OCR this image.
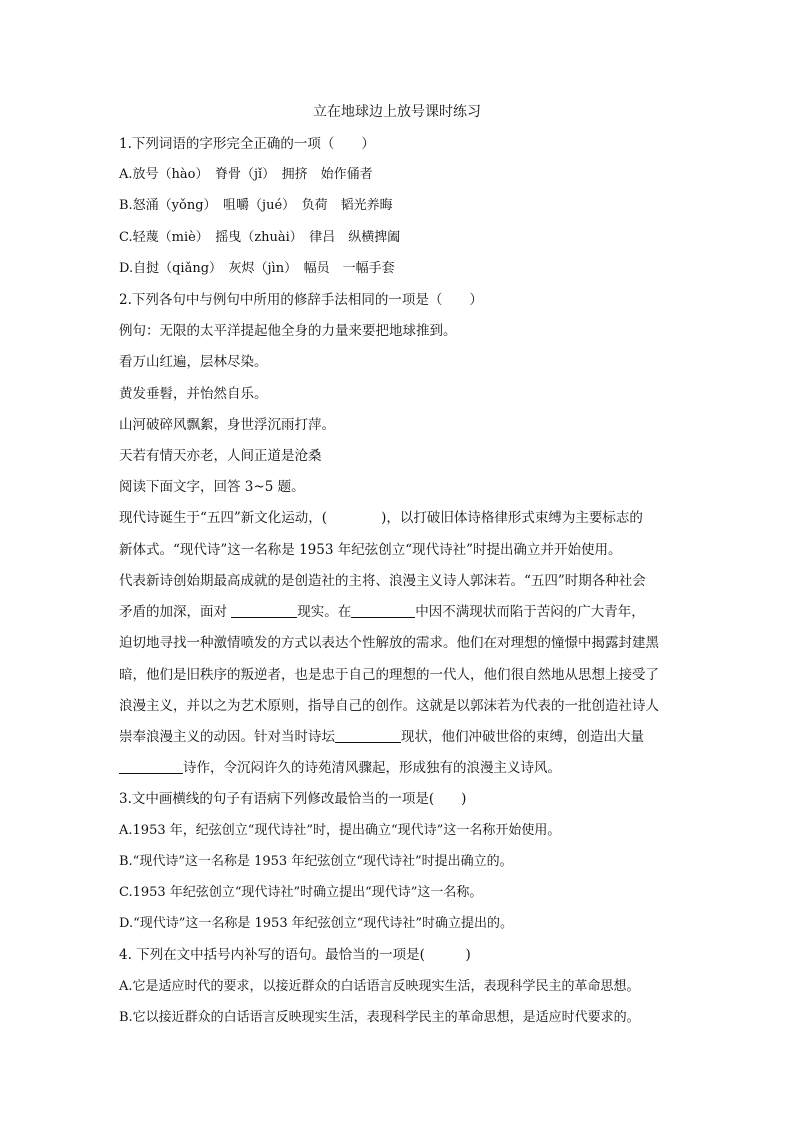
立在地球边上放号课时练习
1.下列词语的字形完全正确的一项（　　）
A.放号（hào）　脊骨（jǐ）　拥挤　始作俑者
B.怒涌（yǒng）　咀嚼（jué）　负荷　韬光养晦
C.轻蔑（miè）　摇曳（zhuài）　律吕　纵横捭阖
D.自挝（qiǎng）　灰烬（jìn）　幅员　一幅手套
2.下列各句中与例句中所用的修辞手法相同的一项是（　　）
例句：无限的太平洋提起他全身的力量来要把地球推到。
看万山红遍，层林尽染。
黄发垂髫，并怡然自乐。
山河破碎风飘絮，身世浮沉雨打萍。
天若有情天亦老，人间正道是沧桑
阅读下面文字，回答 3~5 题。
现代诗诞生于“五四”新文化运动，(　　　　)，以打破旧体诗格律形式束缚为主要标志的
新体式。“现代诗”这一名称是 1953 年纪弦创立“现代诗社”时提出确立并开始使用。
代表新诗创始期最高成就的是创造社的主将、浪漫主义诗人郭沫若。“五四”时期各种社会
矛盾的加深，面对	现实。在	中因不满现状而陷于苦闷的广大青年，
迫切地寻找一种激情喷发的方式以表达个性解放的需求。他们在对理想的憧憬中揭露封建黑
暗，他们是旧秩序的叛逆者，也是忠于自己的理想的一代人，他们很自然地从思想上接受了
浪漫主义，并以之为艺术原则，指导自己的创作。这就是以郭沫若为代表的一批创造社诗人
崇奉浪漫主义的动因。针对当时诗坛	现状，他们冲破世俗的束缚，创造出大量
诗作，令沉闷许久的诗苑清风骤起，形成独有的浪漫主义诗风。
3.文中画横线的句子有语病下列修改最恰当的一项是(　　)
A.1953 年，纪弦创立“现代诗社”时，提出确立“现代诗”这一名称开始使用。
B.“现代诗”这一名称是 1953 年纪弦创立“现代诗社”时提出确立的。
C.1953 年纪弦创立“现代诗社”时确立提出“现代诗”这一名称。
D.“现代诗”这一名称是 1953 年纪弦创立“现代诗社”时确立提出的。
4. 下列在文中括号内补写的语句。最恰当的一项是(　　　)
A.它是适应时代的要求，以接近群众的白话语言反映现实生活，表现科学民主的革命思想。
B.它以接近群众的白话语言反映现实生活，表现科学民主的革命思想，是适应时代要求的。
